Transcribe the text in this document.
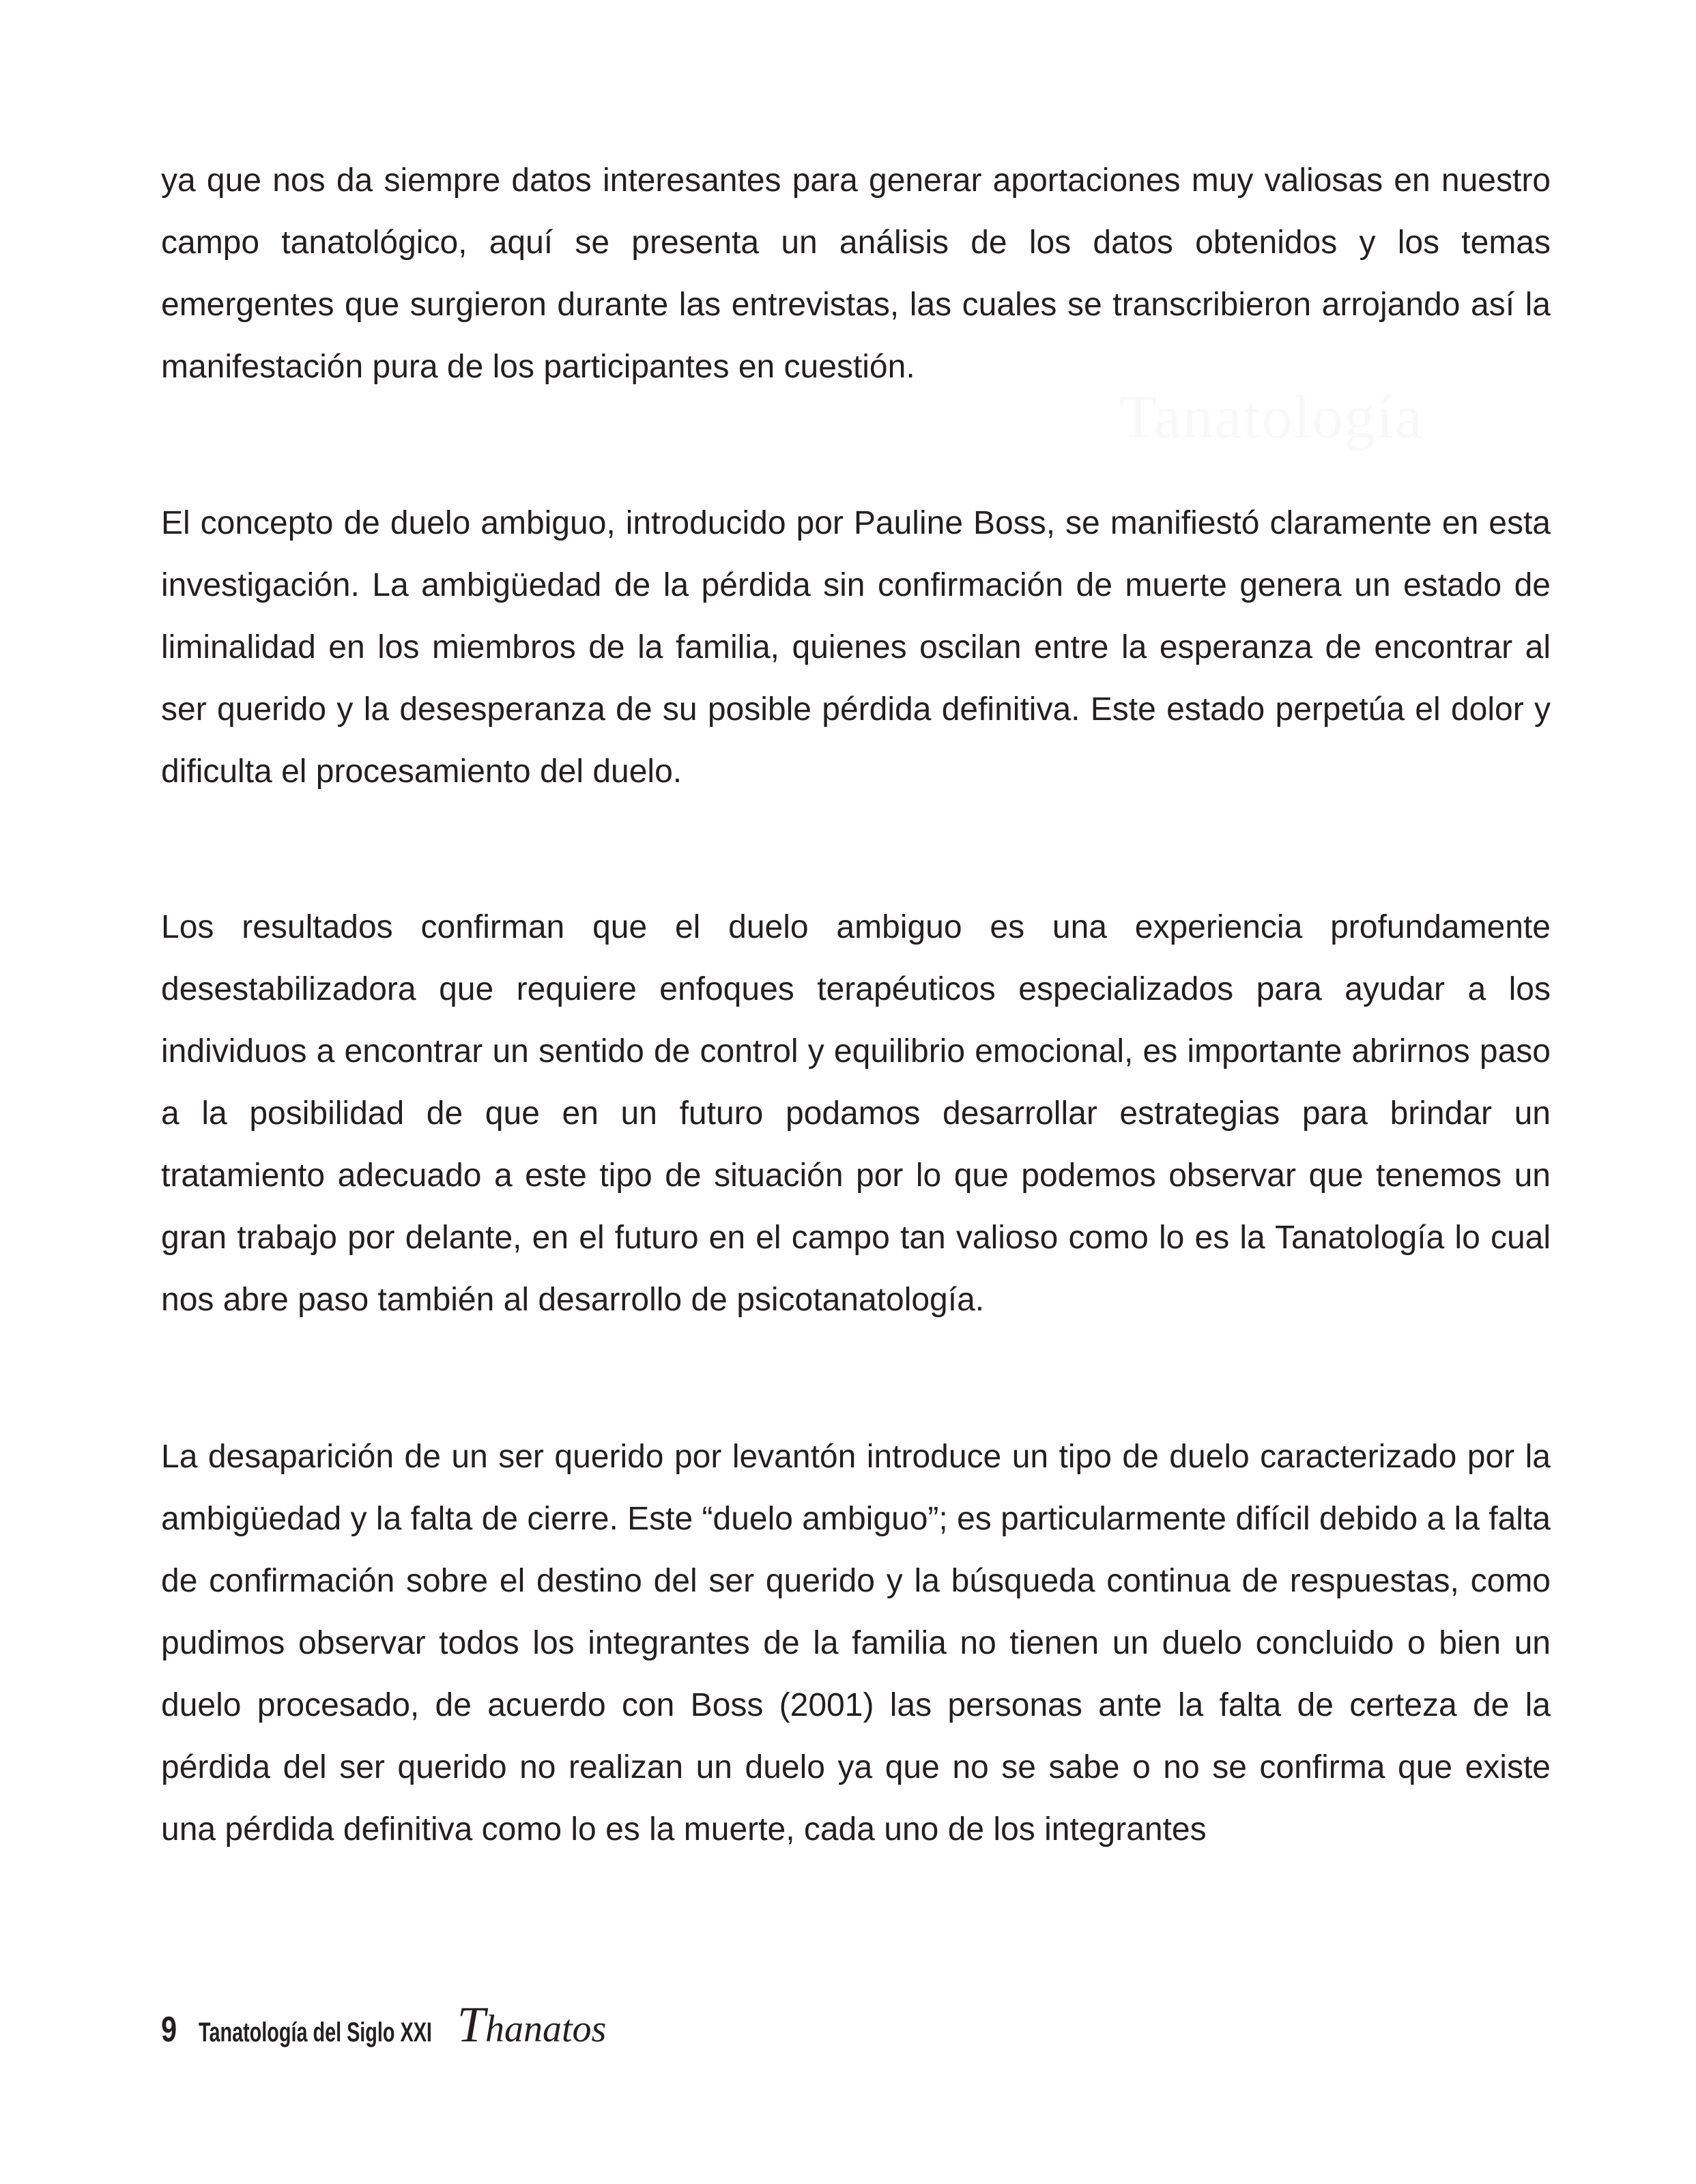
Tanatología

ya que nos da siempre datos interesantes para generar aportaciones muy valiosas en nuestro campo tanatológico, aquí se presenta un análisis de los datos obtenidos y los temas emergentes que surgieron durante las entrevistas, las cuales se transcribieron arrojando así la manifestación pura de los participantes en cuestión.

El concepto de duelo ambiguo, introducido por Pauline Boss, se manifiestó claramente en esta investigación. La ambigüedad de la pérdida sin confirmación de muerte genera un estado de liminalidad en los miembros de la familia, quienes oscilan entre la esperanza de encontrar al ser querido y la desesperanza de su posible pérdida definitiva. Este estado perpetúa el dolor y dificulta el procesamiento del duelo.

Los resultados confirman que el duelo ambiguo es una experiencia profundamente desestabilizadora que requiere enfoques terapéuticos especializados para ayudar a los individuos a encontrar un sentido de control y equilibrio emocional, es importante abrirnos paso a la posibilidad de que en un futuro podamos desarrollar estrategias para brindar un tratamiento adecuado a este tipo de situación por lo que podemos observar que tenemos un gran trabajo por delante, en el futuro en el campo tan valioso como lo es la Tanatología lo cual nos abre paso también al desarrollo de psicotanatología.

La desaparición de un ser querido por levantón introduce un tipo de duelo caracterizado por la ambigüedad y la falta de cierre. Este “duelo ambiguo”; es particularmente difícil debido a la falta de confirmación sobre el destino del ser querido y la búsqueda continua de respuestas, como pudimos observar todos los integrantes de la familia no tienen un duelo concluido o bien un duelo procesado, de acuerdo con Boss (2001) las personas ante la falta de certeza de la pérdida del ser querido no realizan un duelo ya que no se sabe o no se confirma que existe una pérdida definitiva como lo es la muerte, cada uno de los integrantes

9 Tanatología del Siglo XXI Thanatos
